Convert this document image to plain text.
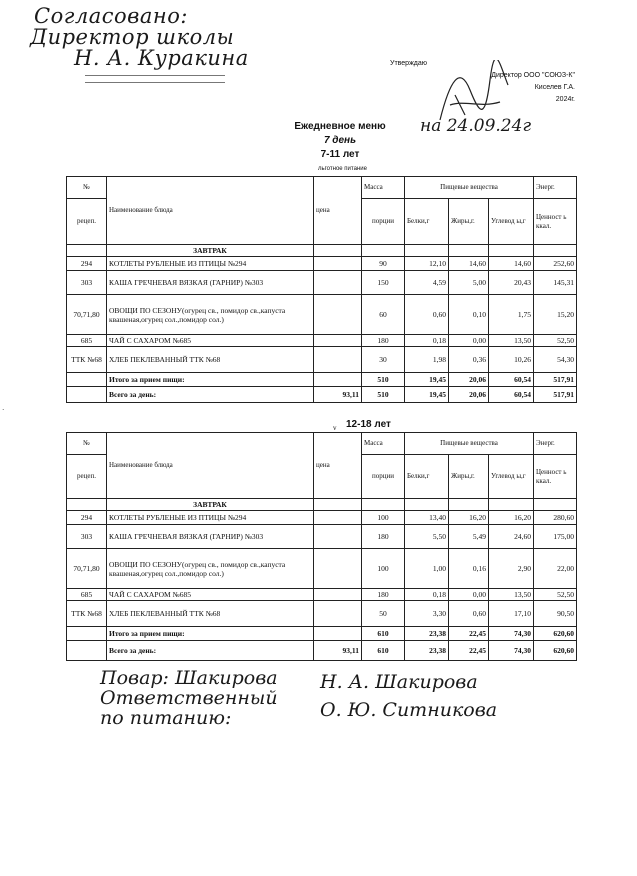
Согласовано:
Директор школы
Н. А. Куракина	Утверждаю
Директор ООО "СОЮЗ-К"
Киселев Г.А.
2024г.
Ежедневное меню
7 день
7-11 лет
на 24.09.24г
льготное питание
№	Наименование блюда	цена	Масса	Пищевые вещества			Энерг.
рецеп.			порции	Белки,г	Жиры,г.	Углевод ы,г	Ценност ь ккал.
	ЗАВТРАК						
294	КОТЛЕТЫ РУБЛЕНЫЕ ИЗ ПТИЦЫ №294		90	12,10	14,60	14,60	252,60
303	КАША ГРЕЧНЕВАЯ ВЯЗКАЯ (ГАРНИР) №303		150	4,59	5,00	20,43	145,31
70,71,80	ОВОЩИ ПО СЕЗОНУ(огурец св., помидор св.,капуста квашеная,огурец сол.,помидор сол.)		60	0,60	0,10	1,75	15,20
685	ЧАЙ С САХАРОМ №685		180	0,18	0,00	13,50	52,50
ТТК №68	ХЛЕБ ПЕКЛЕВАННЫЙ ТТК №68		30	1,98	0,36	10,26	54,30
	Итого за прием пищи:		510	19,45	20,06	60,54	517,91
	Всего за день:	93,11	510	19,45	20,06	60,54	517,91
·
v 12-18 лет
№	Наименование блюда	цена	Масса	Пищевые вещества			Энерг.
рецеп.			порции	Белки,г	Жиры,г.	Углевод ы,г	Ценност ь ккал.
	ЗАВТРАК						
294	КОТЛЕТЫ РУБЛЕНЫЕ ИЗ ПТИЦЫ №294		100	13,40	16,20	16,20	280,60
303	КАША ГРЕЧНЕВАЯ ВЯЗКАЯ (ГАРНИР) №303		180	5,50	5,49	24,60	175,00
70,71,80	ОВОЩИ ПО СЕЗОНУ(огурец св., помидор св.,капуста квашеная,огурец сол.,помидор сол.)		100	1,00	0,16	2,90	22,00
685	ЧАЙ С САХАРОМ №685		180	0,18	0,00	13,50	52,50
ТТК №68	ХЛЕБ ПЕКЛЕВАННЫЙ ТТК №68		50	3,30	0,60	17,10	90,50
	Итого за прием пищи:		610	23,38	22,45	74,30	620,60
	Всего за день:	93,11	610	23,38	22,45	74,30	620,60
Повар: Шакирова
Ответственный
по питанию:
Н. А. Шакирова
О. Ю. Ситникова
